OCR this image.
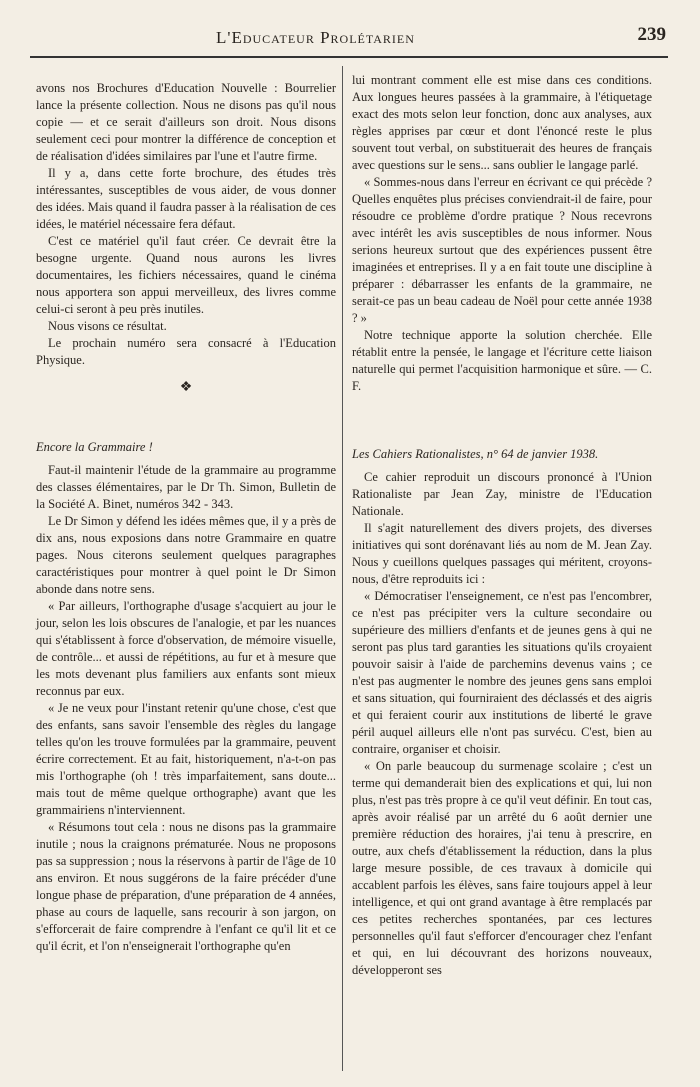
L'Educateur Prolétarien	239

avons nos Brochures d'Education Nouvelle : Bourrelier lance la présente collection. Nous ne disons pas qu'il nous copie — et ce serait d'ailleurs son droit. Nous disons seulement ceci pour montrer la différence de conception et de réalisation d'idées similaires par l'une et l'autre firme.

Il y a, dans cette forte brochure, des études très intéressantes, susceptibles de vous aider, de vous donner des idées. Mais quand il faudra passer à la réalisation de ces idées, le matériel nécessaire fera défaut.

C'est ce matériel qu'il faut créer. Ce devrait être la besogne urgente. Quand nous aurons les livres documentaires, les fichiers nécessaires, quand le cinéma nous apportera son appui merveilleux, des livres comme celui-ci seront à peu près inutiles.

Nous visons ce résultat.

Le prochain numéro sera consacré à l'Education Physique.

❖

Encore la Grammaire !

Faut-il maintenir l'étude de la grammaire au programme des classes élémentaires, par le Dr Th. Simon, Bulletin de la Société A. Binet, numéros 342 - 343.

Le Dr Simon y défend les idées mêmes que, il y a près de dix ans, nous exposions dans notre Grammaire en quatre pages. Nous citerons seulement quelques paragraphes caractéristiques pour montrer à quel point le Dr Simon abonde dans notre sens.

« Par ailleurs, l'orthographe d'usage s'acquiert au jour le jour, selon les lois obscures de l'analogie, et par les nuances qui s'établissent à force d'observation, de mémoire visuelle, de contrôle... et aussi de répétitions, au fur et à mesure que les mots devenant plus familiers aux enfants sont mieux reconnus par eux.

« Je ne veux pour l'instant retenir qu'une chose, c'est que des enfants, sans savoir l'ensemble des règles du langage telles qu'on les trouve formulées par la grammaire, peuvent écrire correctement. Et au fait, historiquement, n'a-t-on pas mis l'orthographe (oh ! très imparfaitement, sans doute... mais tout de même quelque orthographe) avant que les grammairiens n'interviennent.

« Résumons tout cela : nous ne disons pas la grammaire inutile ; nous la craignons prématurée. Nous ne proposons pas sa suppression ; nous la réservons à partir de l'âge de 10 ans environ. Et nous suggérons de la faire précéder d'une longue phase de préparation, d'une préparation de 4 années, phase au cours de laquelle, sans recourir à son jargon, on s'efforcerait de faire comprendre à l'enfant ce qu'il lit et ce qu'il écrit, et l'on n'enseignerait l'orthographe qu'en

lui montrant comment elle est mise dans ces conditions. Aux longues heures passées à la grammaire, à l'étiquetage exact des mots selon leur fonction, donc aux analyses, aux règles apprises par cœur et dont l'énoncé reste le plus souvent tout verbal, on substituerait des heures de français avec questions sur le sens... sans oublier le langage parlé.

« Sommes-nous dans l'erreur en écrivant ce qui précède ? Quelles enquêtes plus précises conviendrait-il de faire, pour résoudre ce problème d'ordre pratique ? Nous recevrons avec intérêt les avis susceptibles de nous informer. Nous serions heureux surtout que des expériences pussent être imaginées et entreprises. Il y a en fait toute une discipline à préparer : débarrasser les enfants de la grammaire, ne serait-ce pas un beau cadeau de Noël pour cette année 1938 ? »

Notre technique apporte la solution cherchée. Elle rétablit entre la pensée, le langage et l'écriture cette liaison naturelle qui permet l'acquisition harmonique et sûre. — C. F.

Les Cahiers Rationalistes, n° 64 de janvier 1938.

Ce cahier reproduit un discours prononcé à l'Union Rationaliste par Jean Zay, ministre de l'Education Nationale.

Il s'agit naturellement des divers projets, des diverses initiatives qui sont dorénavant liés au nom de M. Jean Zay. Nous y cueillons quelques passages qui méritent, croyons-nous, d'être reproduits ici :

« Démocratiser l'enseignement, ce n'est pas l'encombrer, ce n'est pas précipiter vers la culture secondaire ou supérieure des milliers d'enfants et de jeunes gens à qui ne seront pas plus tard garanties les situations qu'ils croyaient pouvoir saisir à l'aide de parchemins devenus vains ; ce n'est pas augmenter le nombre des jeunes gens sans emploi et sans situation, qui fourniraient des déclassés et des aigris et qui feraient courir aux institutions de liberté le grave péril auquel ailleurs elle n'ont pas survécu. C'est, bien au contraire, organiser et choisir.

« On parle beaucoup du surmenage scolaire ; c'est un terme qui demanderait bien des explications et qui, lui non plus, n'est pas très propre à ce qu'il veut définir. En tout cas, après avoir réalisé par un arrêté du 6 août dernier une première réduction des horaires, j'ai tenu à prescrire, en outre, aux chefs d'établissement la réduction, dans la plus large mesure possible, de ces travaux à domicile qui accablent parfois les élèves, sans faire toujours appel à leur intelligence, et qui ont grand avantage à être remplacés par ces petites recherches spontanées, par ces lectures personnelles qu'il faut s'efforcer d'encourager chez l'enfant et qui, en lui découvrant des horizons nouveaux, développeront ses
